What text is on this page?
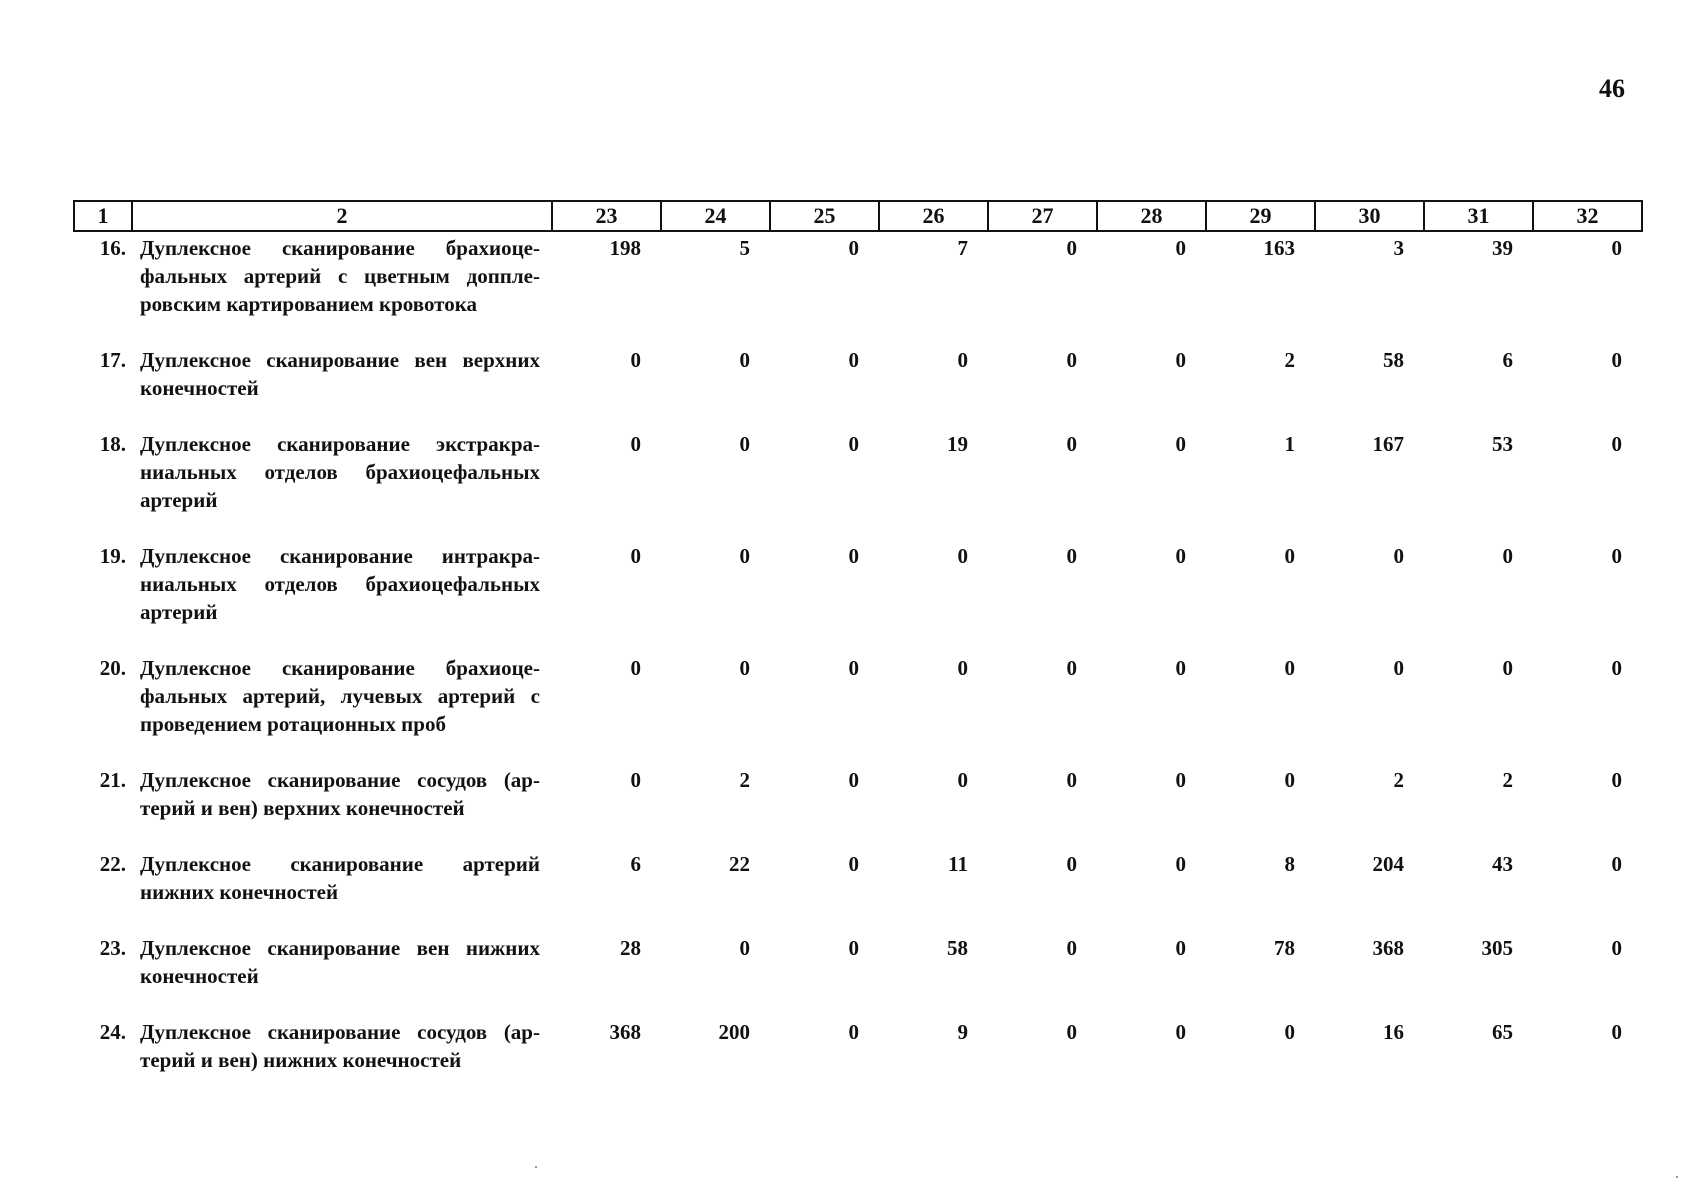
46
1	2	23	24	25	26	27	28	29	30	31	32
16.	Дуплексное сканирование брахиоцефальных артерий с цветным допплеровским картированием кровотока	198	5	0	7	0	0	163	3	39	0
17.	Дуплексное сканирование вен верхних конечностей	0	0	0	0	0	0	2	58	6	0
18.	Дуплексное сканирование экстракраниальных отделов брахиоцефальных артерий	0	0	0	19	0	0	1	167	53	0
19.	Дуплексное сканирование интракраниальных отделов брахиоцефальных артерий	0	0	0	0	0	0	0	0	0	0
20.	Дуплексное сканирование брахиоцефальных артерий, лучевых артерий с проведением ротационных проб	0	0	0	0	0	0	0	0	0	0
21.	Дуплексное сканирование сосудов (артерий и вен) верхних конечностей	0	2	0	0	0	0	0	2	2	0
22.	Дуплексное сканирование артерий нижних конечностей	6	22	0	11	0	0	8	204	43	0
23.	Дуплексное сканирование вен нижних конечностей	28	0	0	58	0	0	78	368	305	0
24.	Дуплексное сканирование сосудов (артерий и вен) нижних конечностей	368	200	0	9	0	0	0	16	65	0
